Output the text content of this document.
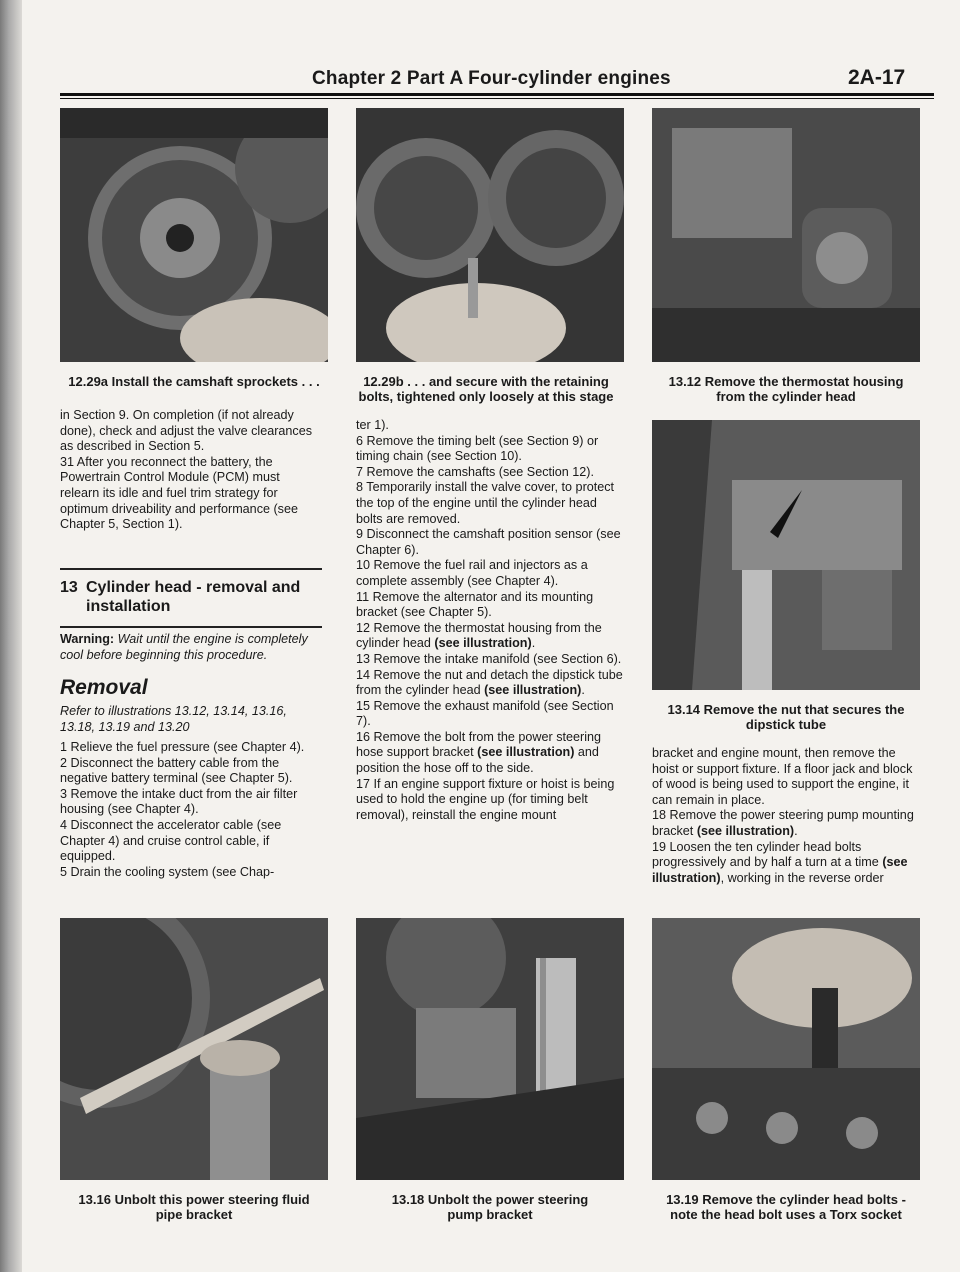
Chapter 2 Part A Four-cylinder engines	2A-17
12.29a Install the camshaft sprockets . . .	12.29b . . . and secure with the retaining
bolts, tightened only loosely at this stage
13.12 Remove the thermostat housing
from the cylinder head
13.14 Remove the nut that secures the
dipstick tube

in Section 9. On completion (if not already done), check and adjust the valve clearances as described in Section 5.

31 After you reconnect the battery, the Powertrain Control Module (PCM) must relearn its idle and fuel trim strategy for optimum driveability and performance (see Chapter 5, Section 1).

13 Cylinder head - removal and
installation
Warning: Wait until the engine is completely cool before beginning this procedure.
Removal
Refer to illustrations 13.12, 13.14, 13.16, 13.18, 13.19 and 13.20

1 Relieve the fuel pressure (see Chapter 4).

2 Disconnect the battery cable from the negative battery terminal (see Chapter 5).

3 Remove the intake duct from the air filter housing (see Chapter 4).

4 Disconnect the accelerator cable (see Chapter 4) and cruise control cable, if equipped.

5 Drain the cooling system (see Chap-

ter 1).

6 Remove the timing belt (see Section 9) or timing chain (see Section 10).

7 Remove the camshafts (see Section 12).

8 Temporarily install the valve cover, to protect the top of the engine until the cylinder head bolts are removed.

9 Disconnect the camshaft position sensor (see Chapter 6).

10 Remove the fuel rail and injectors as a complete assembly (see Chapter 4).

11 Remove the alternator and its mounting bracket (see Chapter 5).

12 Remove the thermostat housing from the cylinder head (see illustration).

13 Remove the intake manifold (see Section 6).

14 Remove the nut and detach the dipstick tube from the cylinder head (see illustration).

15 Remove the exhaust manifold (see Section 7).

16 Remove the bolt from the power steering hose support bracket (see illustration) and position the hose off to the side.

17 If an engine support fixture or hoist is being used to hold the engine up (for timing belt removal), reinstall the engine mount

bracket and engine mount, then remove the hoist or support fixture. If a floor jack and block of wood is being used to support the engine, it can remain in place.

18 Remove the power steering pump mounting bracket (see illustration).

19 Loosen the ten cylinder head bolts progressively and by half a turn at a time (see illustration), working in the reverse order

13.16 Unbolt this power steering fluid
pipe bracket
13.18 Unbolt the power steering
pump bracket
13.19 Remove the cylinder head bolts -
note the head bolt uses a Torx socket
